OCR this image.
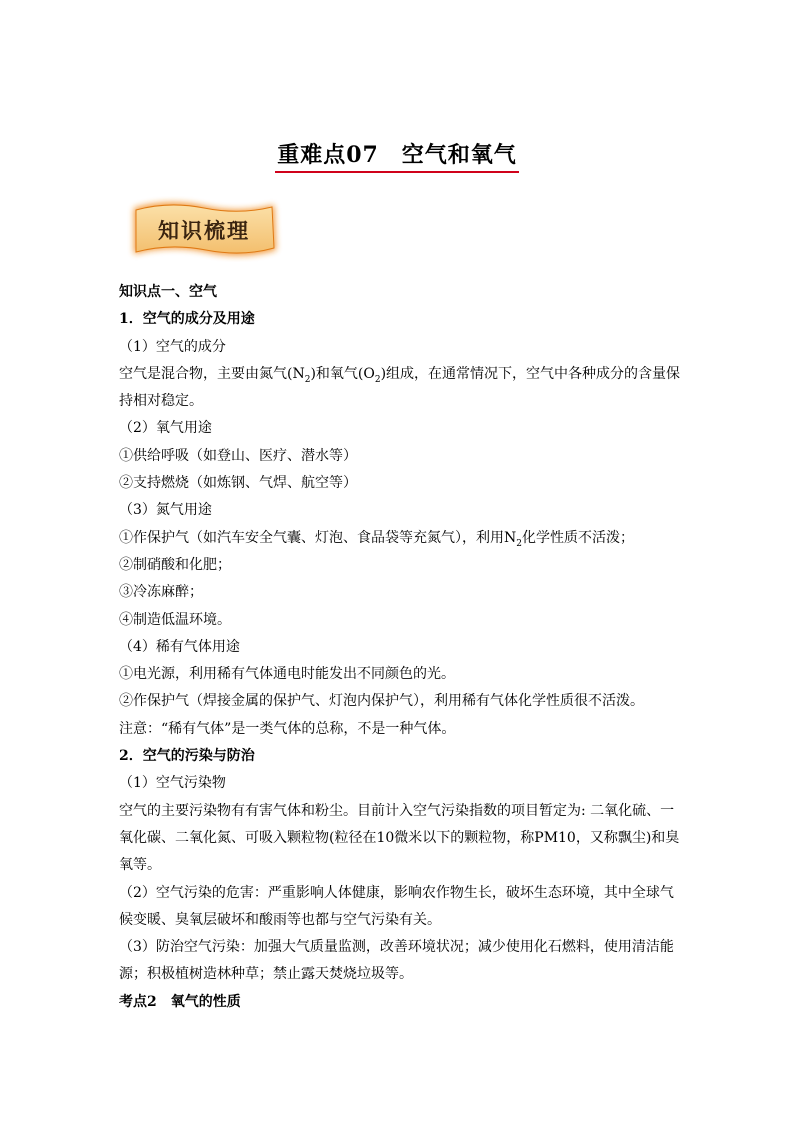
重难点07　空气和氧气
知识梳理
知识点一、空气
1．空气的成分及用途
（1）空气的成分
空气是混合物，主要由氮气$(N_2)$和氧气$(O_2)$组成，在通常情况下，空气中各种成分的含量保
持相对稳定。
（2）氧气用途
①供给呼吸（如登山、医疗、潜水等）
②支持燃烧（如炼钢、气焊、航空等）
（3）氮气用途
①作保护气（如汽车安全气囊、灯泡、食品袋等充氮气），利用$N_2$化学性质不活泼；
②制硝酸和化肥；
③冷冻麻醉；
④制造低温环境。
（4）稀有气体用途
①电光源，利用稀有气体通电时能发出不同颜色的光。
②作保护气（焊接金属的保护气、灯泡内保护气），利用稀有气体化学性质很不活泼。
注意：“稀有气体”是一类气体的总称，不是一种气体。
2．空气的污染与防治
（1）空气污染物
空气的主要污染物有有害气体和粉尘。目前计入空气污染指数的项目暂定为: 二氧化硫、一
氧化碳、二氧化氮、可吸入颗粒物(粒径在10微米以下的颗粒物，称PM10，又称飘尘)和臭
氧等。
（2）空气污染的危害：严重影响人体健康，影响农作物生长，破坏生态环境，其中全球气
候变暖、臭氧层破坏和酸雨等也都与空气污染有关。
（3）防治空气污染：加强大气质量监测，改善环境状况；减少使用化石燃料，使用清洁能
源；积极植树造林种草；禁止露天焚烧垃圾等。
考点2　氧气的性质
